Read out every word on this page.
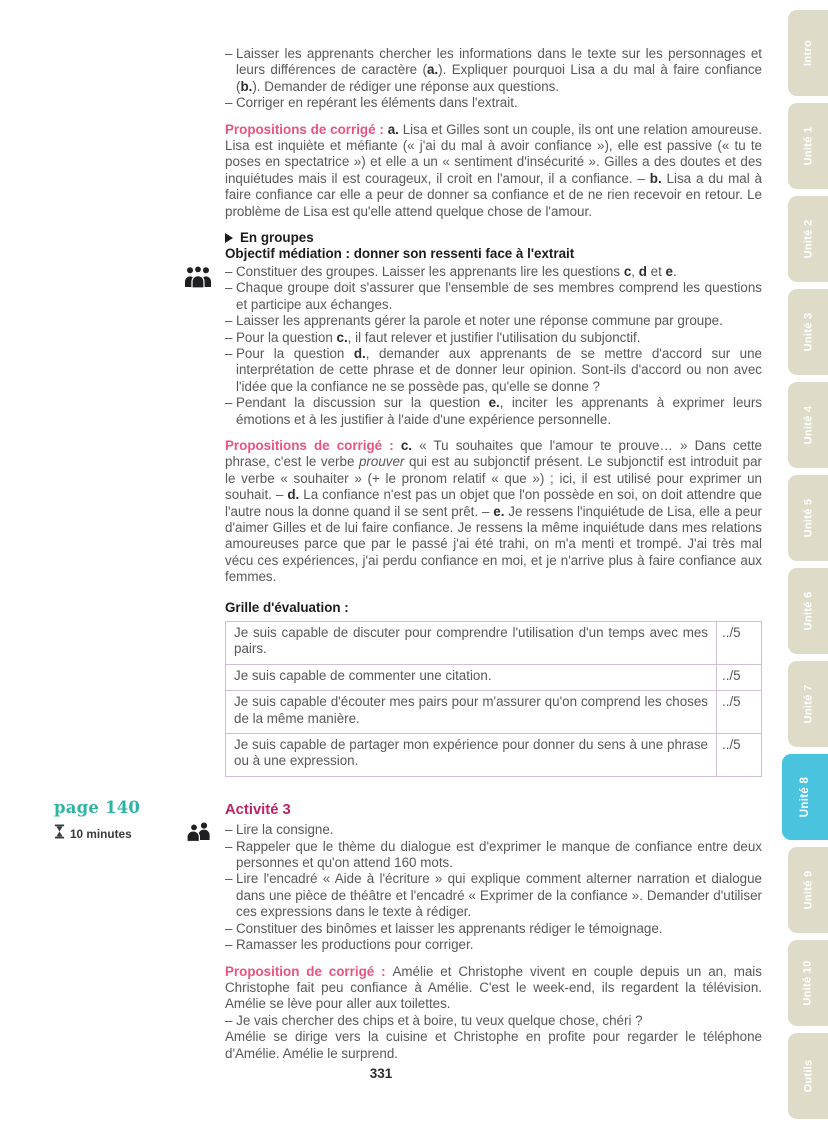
– Laisser les apprenants chercher les informations dans le texte sur les personnages et leurs différences de caractère (a.). Expliquer pourquoi Lisa a du mal à faire confiance (b.). Demander de rédiger une réponse aux questions.
– Corriger en repérant les éléments dans l'extrait.
Propositions de corrigé : a. Lisa et Gilles sont un couple, ils ont une relation amoureuse. Lisa est inquiète et méfiante (« j'ai du mal à avoir confiance »), elle est passive (« tu te poses en spectatrice ») et elle a un « sentiment d'insécurité ». Gilles a des doutes et des inquiétudes mais il est courageux, il croit en l'amour, il a confiance. – b. Lisa a du mal à faire confiance car elle a peur de donner sa confiance et de ne rien recevoir en retour. Le problème de Lisa est qu'elle attend quelque chose de l'amour.
En groupes
Objectif médiation : donner son ressenti face à l'extrait
– Constituer des groupes. Laisser les apprenants lire les questions c, d et e.
– Chaque groupe doit s'assurer que l'ensemble de ses membres comprend les questions et participe aux échanges.
– Laisser les apprenants gérer la parole et noter une réponse commune par groupe.
– Pour la question c., il faut relever et justifier l'utilisation du subjonctif.
– Pour la question d., demander aux apprenants de se mettre d'accord sur une interprétation de cette phrase et de donner leur opinion. Sont-ils d'accord ou non avec l'idée que la confiance ne se possède pas, qu'elle se donne ?
– Pendant la discussion sur la question e., inciter les apprenants à exprimer leurs émotions et à les justifier à l'aide d'une expérience personnelle.
Propositions de corrigé : c. « Tu souhaites que l'amour te prouve… » Dans cette phrase, c'est le verbe prouver qui est au subjonctif présent. Le subjonctif est introduit par le verbe « souhaiter » (+ le pronom relatif « que ») ; ici, il est utilisé pour exprimer un souhait. – d. La confiance n'est pas un objet que l'on possède en soi, on doit attendre que l'autre nous la donne quand il se sent prêt. – e. Je ressens l'inquiétude de Lisa, elle a peur d'aimer Gilles et de lui faire confiance. Je ressens la même inquiétude dans mes relations amoureuses parce que par le passé j'ai été trahi, on m'a menti et trompé. J'ai très mal vécu ces expériences, j'ai perdu confiance en moi, et je n'arrive plus à faire confiance aux femmes.
Grille d'évaluation :
Je suis capable de discuter pour comprendre l'utilisation d'un temps avec mes pairs.	../5
Je suis capable de commenter une citation.	../5
Je suis capable d'écouter mes pairs pour m'assurer qu'on comprend les choses de la même manière.	../5
Je suis capable de partager mon expérience pour donner du sens à une phrase ou à une expression.	../5
page 140
10 minutes
Activité 3
– Lire la consigne.
– Rappeler que le thème du dialogue est d'exprimer le manque de confiance entre deux personnes et qu'on attend 160 mots.
– Lire l'encadré « Aide à l'écriture » qui explique comment alterner narration et dialogue dans une pièce de théâtre et l'encadré « Exprimer de la confiance ». Demander d'utiliser ces expressions dans le texte à rédiger.
– Constituer des binômes et laisser les apprenants rédiger le témoignage.
– Ramasser les productions pour corriger.
Proposition de corrigé : Amélie et Christophe vivent en couple depuis un an, mais Christophe fait peu confiance à Amélie. C'est le week-end, ils regardent la télévision. Amélie se lève pour aller aux toilettes.
– Je vais chercher des chips et à boire, tu veux quelque chose, chéri ?
Amélie se dirige vers la cuisine et Christophe en profite pour regarder le téléphone d'Amélie. Amélie le surprend.
331
Intro
Unité 1
Unité 2
Unité 3
Unité 4
Unité 5
Unité 6
Unité 7
Unité 8
Unité 9
Unité 10
Outils
